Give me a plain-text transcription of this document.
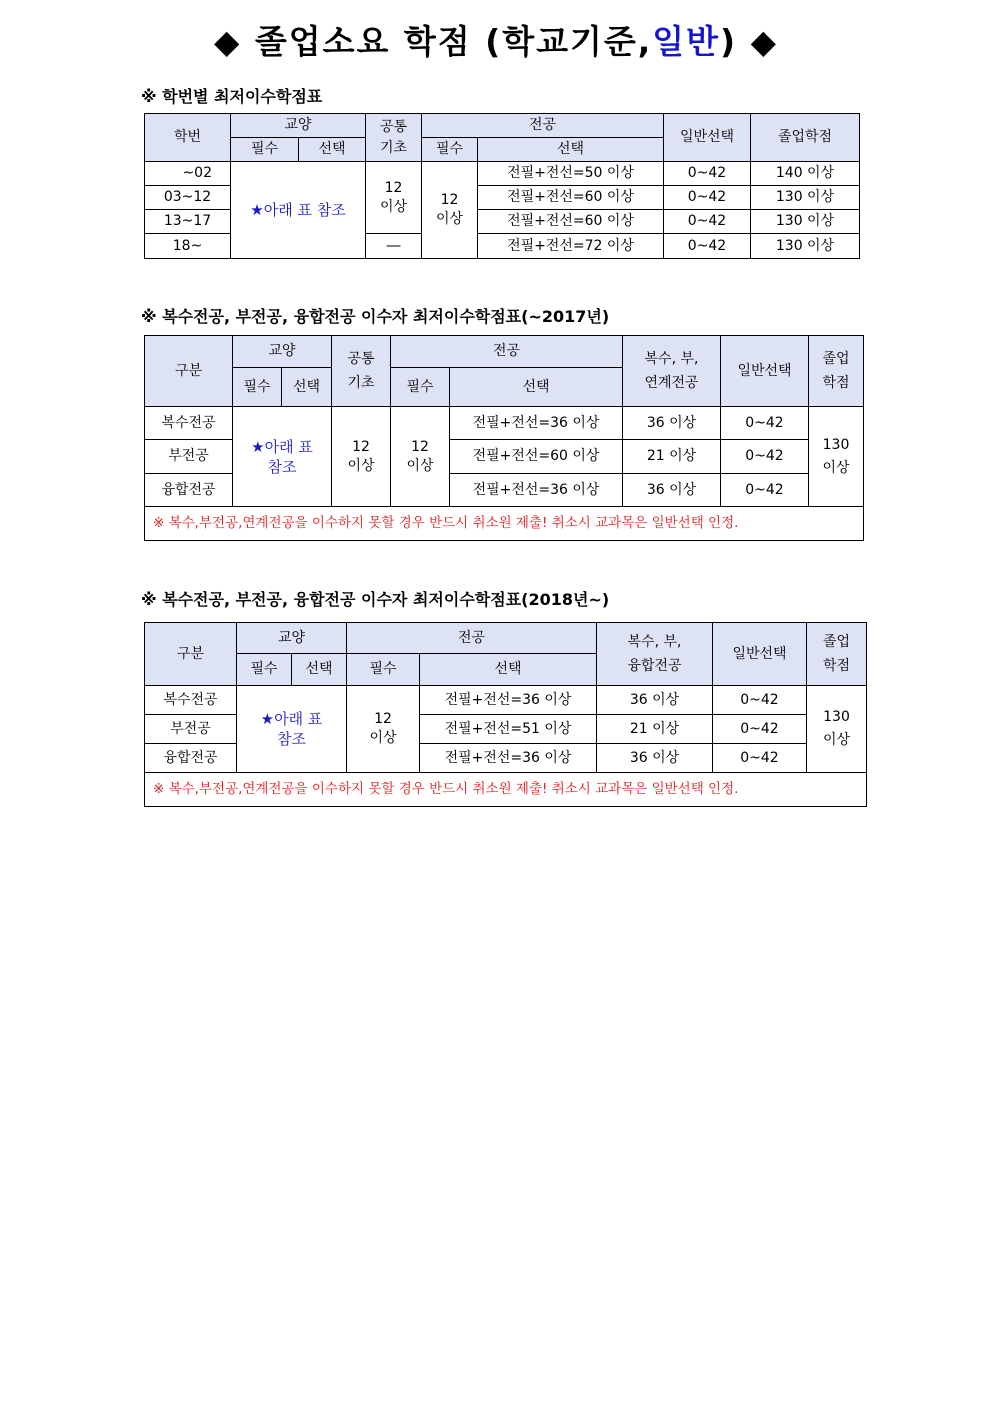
◆ 졸업소요 학점 (학교기준,일반) ◆
※ 학번별 최저이수학점표
학번	교양		공통기초	전공		일반선택	졸업학점
	필수	선택		필수	선택		
~02	★아래 표 참조		12 이상	12 이상	전필+전선=50 이상	0~42	140 이상
03~12					전필+전선=60 이상	0~42	130 이상
13~17					전필+전선=60 이상	0~42	130 이상
18~			―		전필+전선=72 이상	0~42	130 이상
※ 복수전공, 부전공, 융합전공 이수자 최저이수학점표(~2017년)
구분	교양		공통기초	전공		복수, 부, 연계전공	일반선택	졸업학점

	필수	선택		필수	선택			
복수전공	★아래 표 참조		12 이상	12 이상	전필+전선=36 이상	36 이상	0~42	130 이상

부전공					전필+전선=60 이상	21 이상	0~42	
융합전공					전필+전선=36 이상	36 이상	0~42	

※ 복수,부전공,연계전공을 이수하지 못할 경우 반드시 취소원 제출! 취소시 교과목은 일반선택 인정.								
※ 복수전공, 부전공, 융합전공 이수자 최저이수학점표(2018년~)
구분	교양		전공		복수, 부, 융합전공	일반선택	졸업학점

	필수	선택	필수	선택			
복수전공	★아래 표 참조		12 이상	전필+전선=36 이상	36 이상	0~42	130 이상

부전공				전필+전선=51 이상	21 이상	0~42	
융합전공				전필+전선=36 이상	36 이상	0~42	

※ 복수,부전공,연계전공을 이수하지 못할 경우 반드시 취소원 제출! 취소시 교과목은 일반선택 인정.							
